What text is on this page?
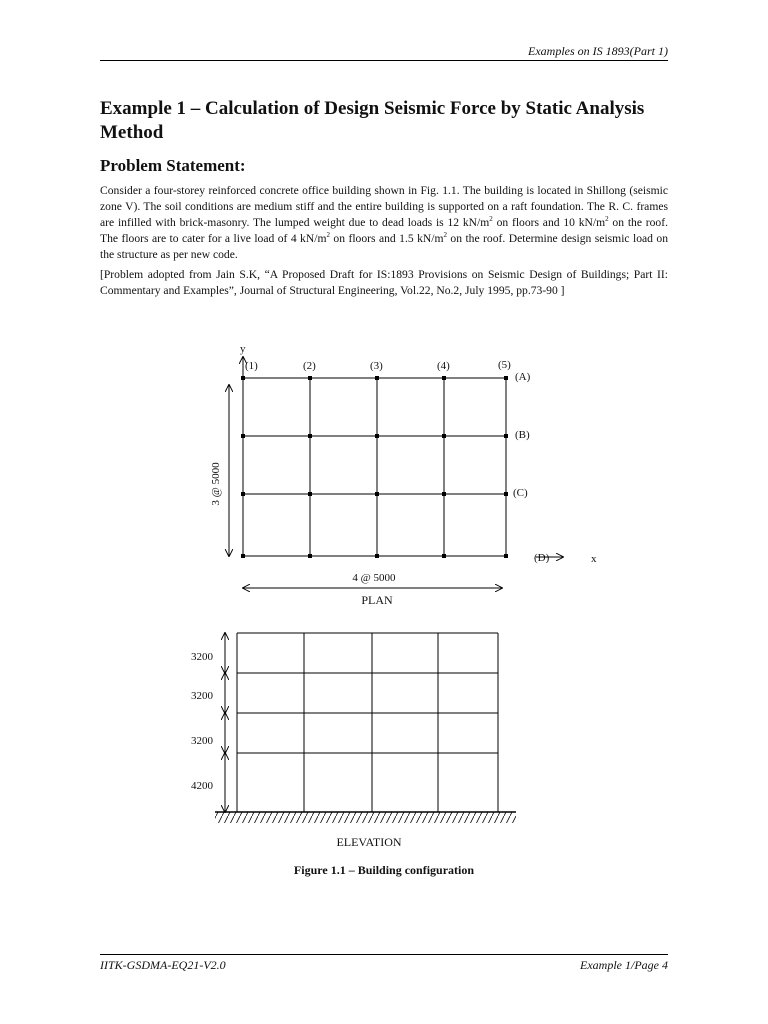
Examples on IS 1893(Part 1)
Example 1 – Calculation of Design Seismic Force by Static Analysis Method
Problem Statement:

Consider a four-storey reinforced concrete office building shown in Fig. 1.1. The building is located in Shillong (seismic zone V). The soil conditions are medium stiff and the entire building is supported on a raft foundation. The R. C. frames are infilled with brick-masonry. The lumped weight due to dead loads is 12 $kN/m^2$ on floors and 10 $kN/m^2$ on the roof. The floors are to cater for a live load of 4 $kN/m^2$ on floors and 1.5 $kN/m^2$ on the roof. Determine design seismic load on the structure as per new code.

[Problem adopted from Jain S.K, “A Proposed Draft for IS:1893 Provisions on Seismic Design of Buildings; Part II: Commentary and Examples”, Journal of Structural Engineering, Vol.22, No.2, July 1995, pp.73-90 ]

y
(1)	(2)	(3)	(4)	(5)
(A)
(B)
(C)
(D)	x
3 @ 5000
4 @ 5000
PLAN
3200
3200
3200
4200
ELEVATION
Figure 1.1 – Building configuration
IITK-GSDMA-EQ21-V2.0	Example 1/Page 4
